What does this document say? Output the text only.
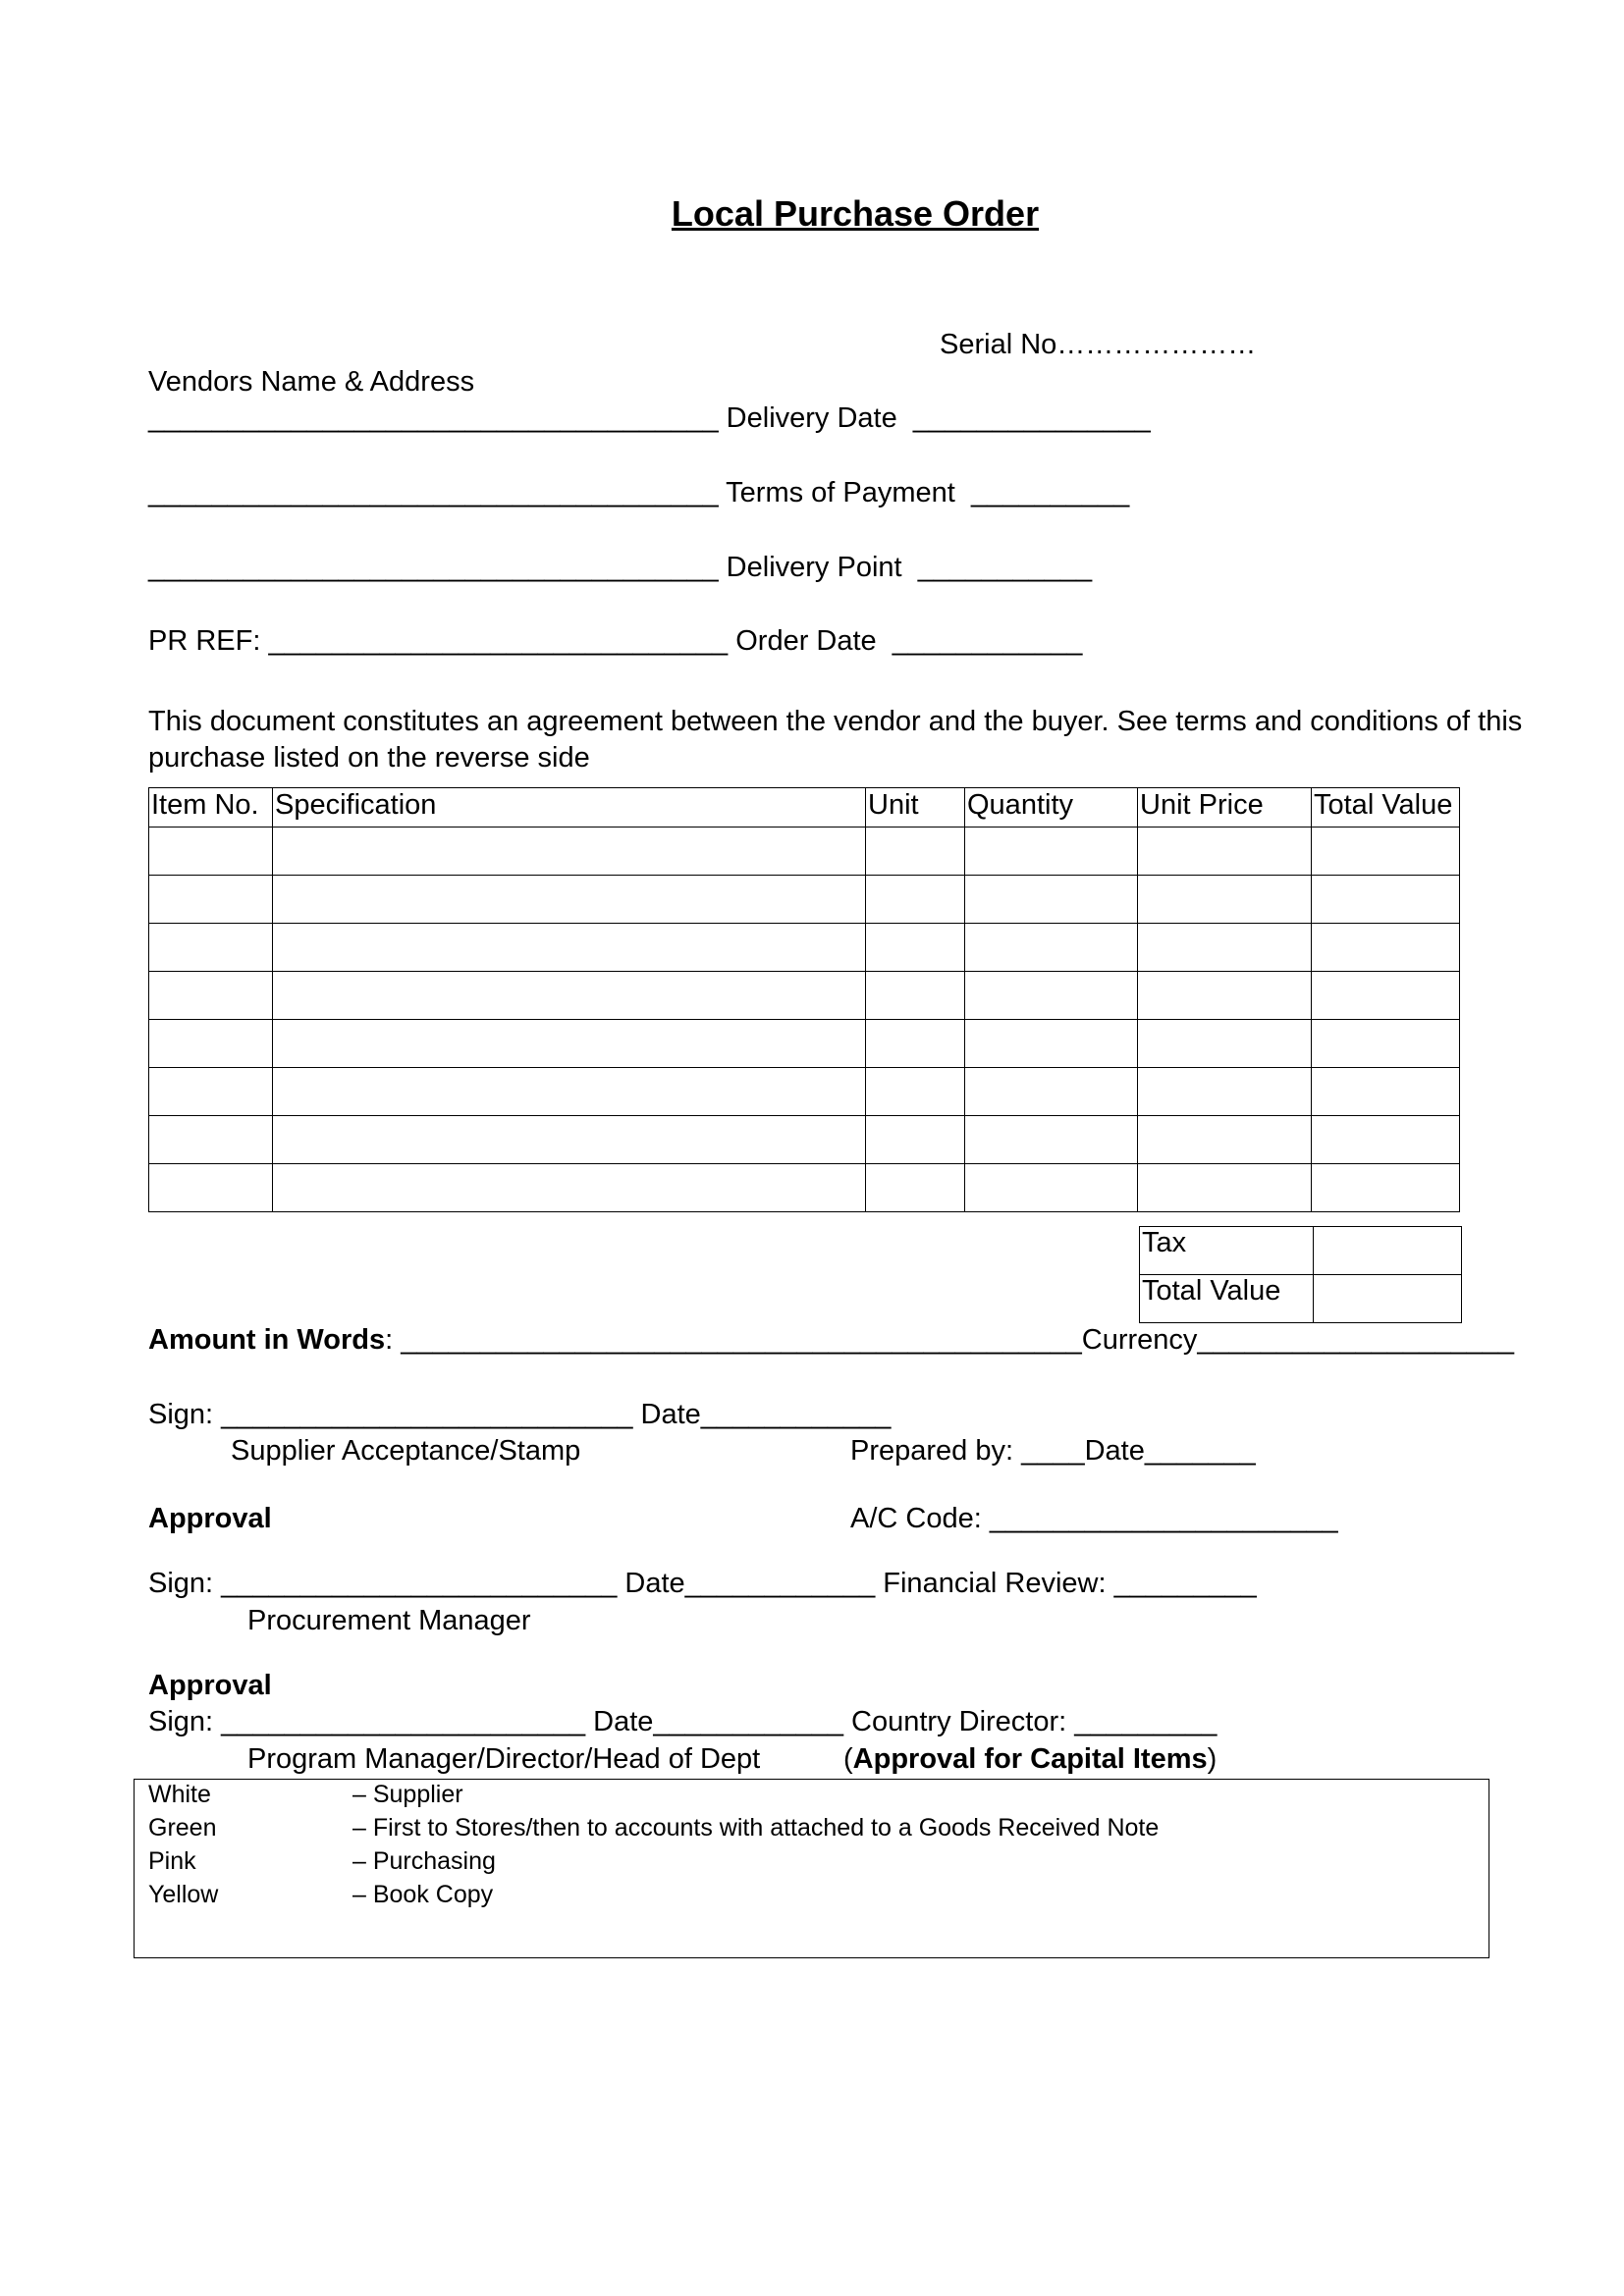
Local Purchase Order
Serial No…………………
Vendors Name & Address
____________________________________ Delivery Date  _______________
____________________________________ Terms of Payment  __________
____________________________________ Delivery Point  ___________
PR REF: _____________________________ Order Date  ____________
This document constitutes an agreement between the vendor and the buyer. See terms and conditions of this purchase listed on the reverse side
Item No.	Specification	Unit	Quantity	Unit Price	Total Value

Tax	
Total Value	
Amount in Words: ___________________________________________Currency____________________
Sign: __________________________ Date____________
Supplier Acceptance/Stamp	Prepared by: ____Date_______
Approval	A/C Code: ______________________
Sign: _________________________ Date____________ Financial Review: _________
Procurement Manager
Approval
Sign: _______________________ Date____________ Country Director: _________
Program Manager/Director/Head of Dept	(Approval for Capital Items)
White	– Supplier
Green	– First to Stores/then to accounts with attached to a Goods Received Note
Pink	– Purchasing
Yellow	– Book Copy
